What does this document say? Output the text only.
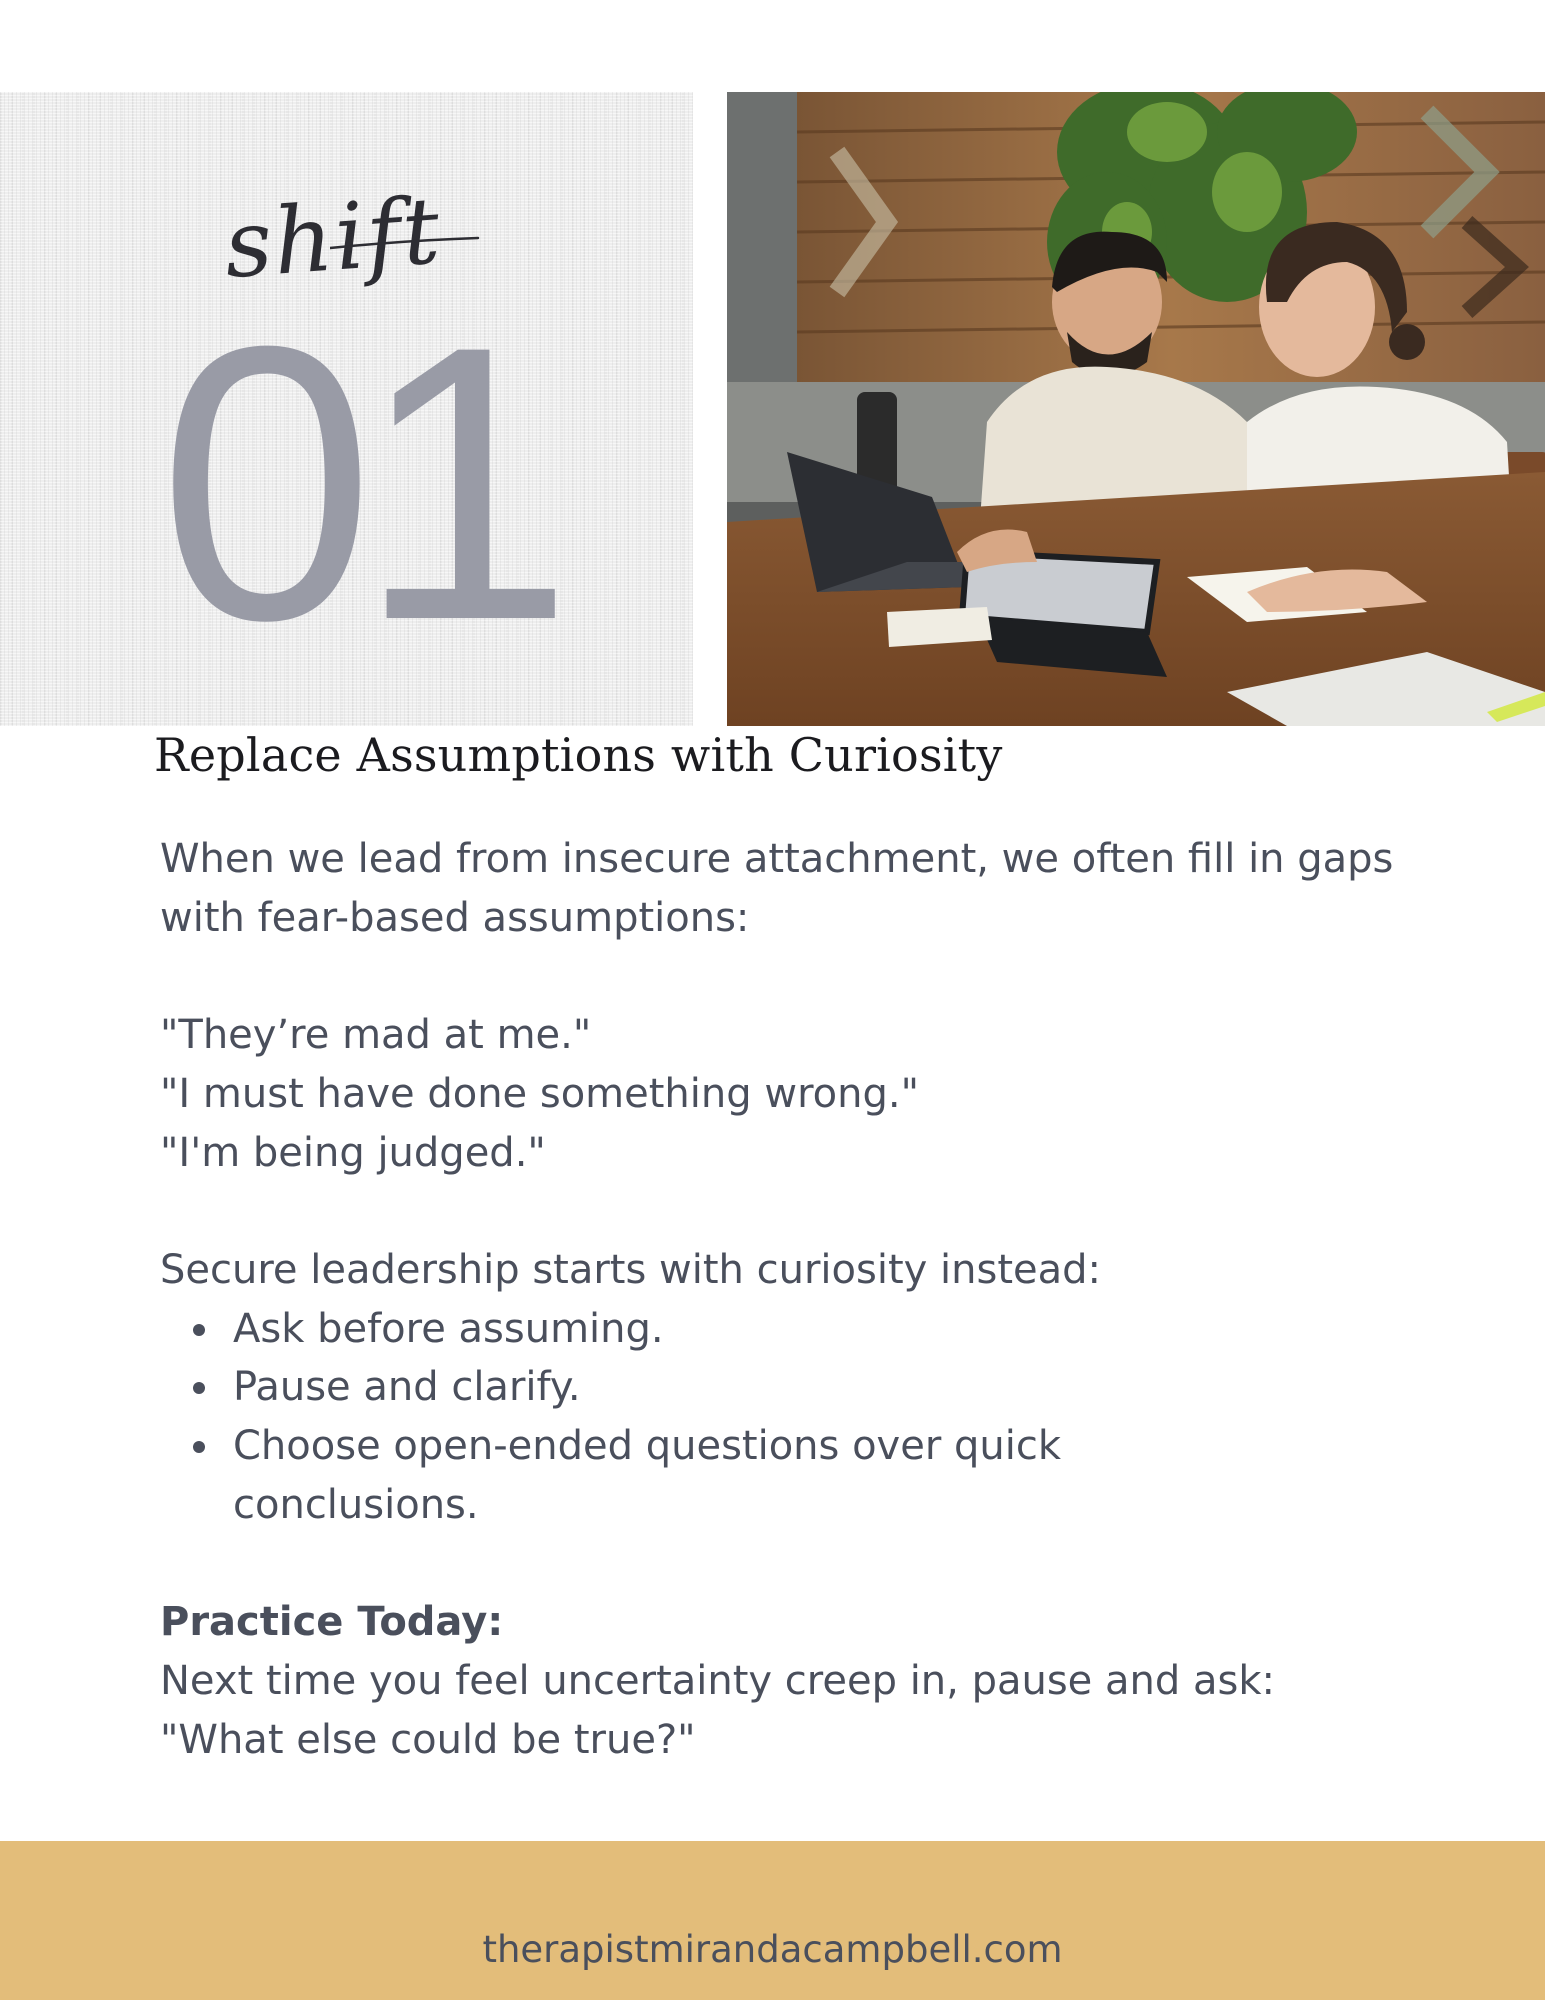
shift
01
Replace Assumptions with Curiosity

When we lead from insecure attachment, we often fill in gaps with fear-based assumptions:

"They’re mad at me."

"I must have done something wrong."

"I'm being judged."

Secure leadership starts with curiosity instead:

Ask before assuming.
Pause and clarify.
Choose open-ended questions over quick conclusions.

Practice Today:

Next time you feel uncertainty creep in, pause and ask:

"What else could be true?"

therapistmirandacampbell.com
